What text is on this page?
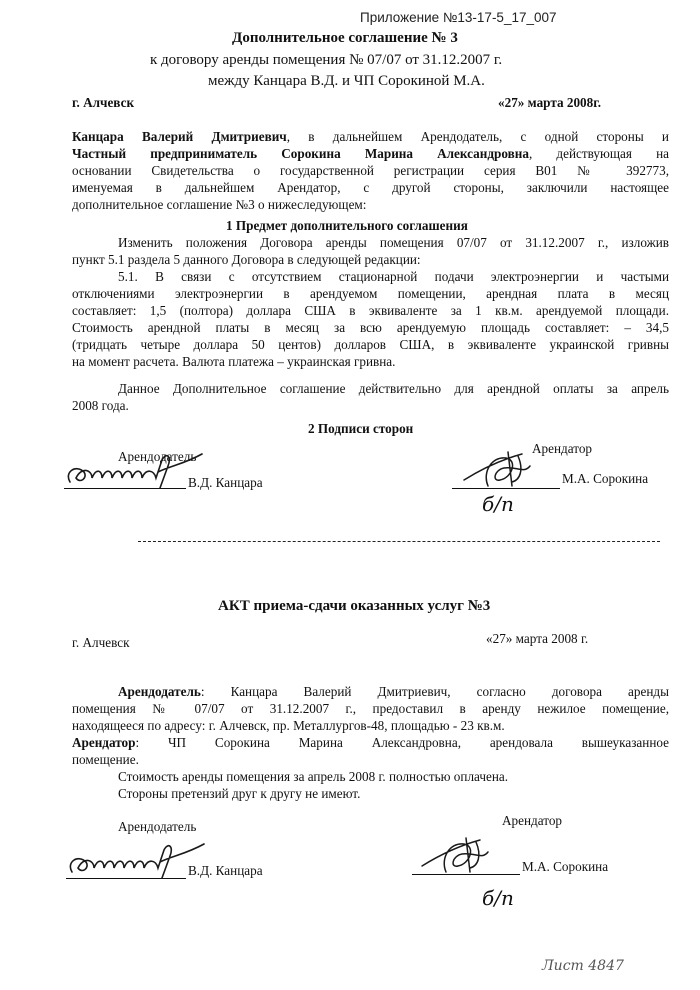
Приложение №13-17-5_17_007
Дополнительное соглашение № 3
к договору аренды помещения № 07/07 от 31.12.2007 г.
между Канцара В.Д. и ЧП Сорокиной М.А.
г. Алчевск	«27» марта 2008г.
Канцара Валерий Дмитриевич, в дальнейшем Арендодатель, с одной стороны и
Частный предприниматель Сорокина Марина Александровна, действующая на
основании Свидетельства о государственной регистрации серия В01 № 392773,
именуемая в дальнейшем Арендатор, с другой стороны, заключили настоящее
дополнительное соглашение №3 о нижеследующем:
1 Предмет дополнительного соглашения
Изменить положения Договора аренды помещения 07/07 от 31.12.2007 г., изложив
пункт 5.1 раздела 5 данного Договора в следующей редакции:
5.1. В связи с отсутствием стационарной подачи электроэнергии и частыми
отключениями электроэнергии в арендуемом помещении, арендная плата в месяц
составляет: 1,5 (полтора) доллара США в эквиваленте за 1 кв.м. арендуемой площади.
Стоимость арендной платы в месяц за всю арендуемую площадь составляет: – 34,5
(тридцать четыре доллара 50 центов) долларов США, в эквиваленте украинской гривны
на момент расчета. Валюта платежа – украинская гривна.
Данное Дополнительное соглашение действительно для арендной оплаты за апрель
2008 года.
2 Подписи сторон
Арендодатель
В.Д. Канцара
Арендатор
М.А. Сорокина
б/п
АКТ приема-сдачи оказанных услуг №3
г. Алчевск	«27» марта 2008 г.
Арендодатель: Канцара Валерий Дмитриевич, согласно договора аренды
помещения № 07/07 от 31.12.2007 г., предоставил в аренду нежилое помещение,
находящееся по адресу: г. Алчевск, пр. Металлургов-48, площадью - 23 кв.м.
Арендатор: ЧП Сорокина Марина Александровна, арендовала вышеуказанное
помещение.
Стоимость аренды помещения за апрель 2008 г. полностью оплачена.
Стороны претензий друг к другу не имеют.
Арендодатель
В.Д. Канцара
Арендатор
М.А. Сорокина
б/п
Лист 4847
